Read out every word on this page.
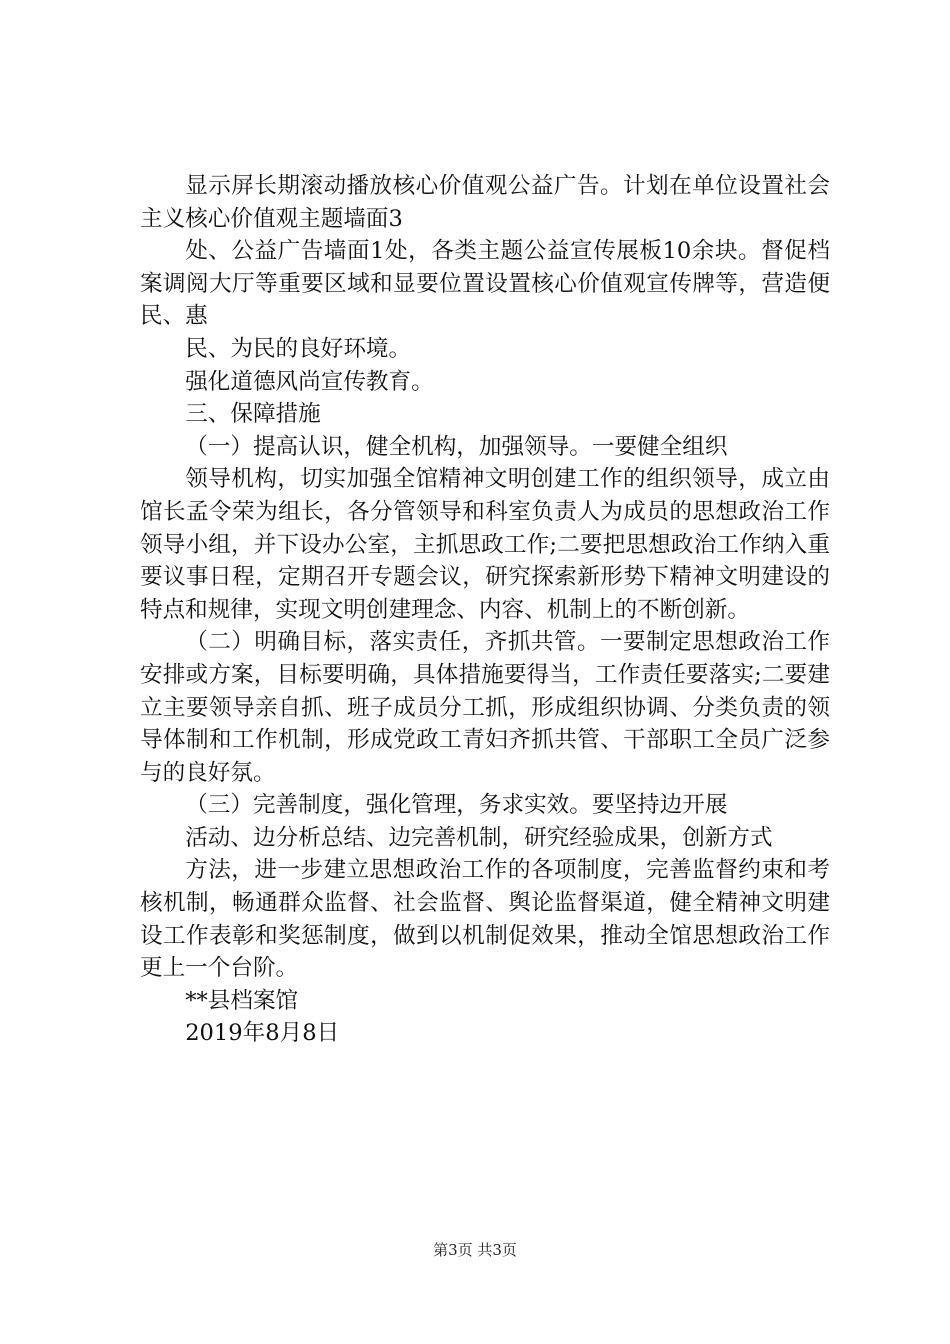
显示屏长期滚动播放核心价值观公益广告。计划在单位设置社会主义核心价值观主题墙面3

处、公益广告墙面1处，各类主题公益宣传展板10余块。督促档案调阅大厅等重要区域和显要位置设置核心价值观宣传牌等，营造便民、惠

民、为民的良好环境。

强化道德风尚宣传教育。

三、保障措施

（一）提高认识，健全机构，加强领导。一要健全组织

领导机构，切实加强全馆精神文明创建工作的组织领导，成立由馆长孟令荣为组长，各分管领导和科室负责人为成员的思想政治工作领导小组，并下设办公室，主抓思政工作;二要把思想政治工作纳入重要议事日程，定期召开专题会议，研究探索新形势下精神文明建设的特点和规律，实现文明创建理念、内容、机制上的不断创新。

（二）明确目标，落实责任，齐抓共管。一要制定思想政治工作安排或方案，目标要明确，具体措施要得当，工作责任要落实;二要建立主要领导亲自抓、班子成员分工抓，形成组织协调、分类负责的领导体制和工作机制，形成党政工青妇齐抓共管、干部职工全员广泛参与的良好氛。

（三）完善制度，强化管理，务求实效。要坚持边开展

活动、边分析总结、边完善机制，研究经验成果，创新方式

方法，进一步建立思想政治工作的各项制度，完善监督约束和考核机制，畅通群众监督、社会监督、舆论监督渠道，健全精神文明建设工作表彰和奖惩制度，做到以机制促效果，推动全馆思想政治工作更上一个台阶。

**县档案馆

2019年8月8日

第3页 共3页
